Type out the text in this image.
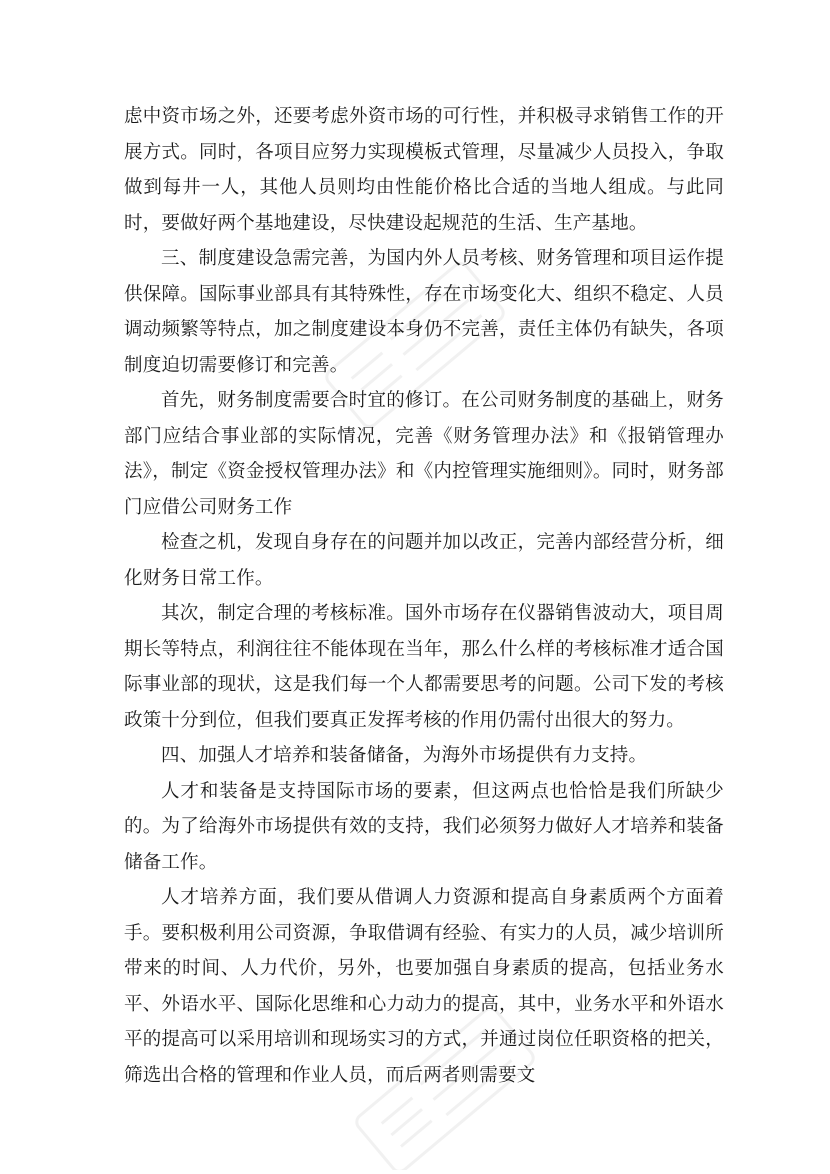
虑中资市场之外，还要考虑外资市场的可行性，并积极寻求销售工作的开展方式。同时，各项目应努力实现模板式管理，尽量减少人员投入，争取做到每井一人，其他人员则均由性能价格比合适的当地人组成。与此同时，要做好两个基地建设，尽快建设起规范的生活、生产基地。

三、制度建设急需完善，为国内外人员考核、财务管理和项目运作提供保障。国际事业部具有其特殊性，存在市场变化大、组织不稳定、人员调动频繁等特点，加之制度建设本身仍不完善，责任主体仍有缺失，各项制度迫切需要修订和完善。

首先，财务制度需要合时宜的修订。在公司财务制度的基础上，财务部门应结合事业部的实际情况，完善《财务管理办法》和《报销管理办法》，制定《资金授权管理办法》和《内控管理实施细则》。同时，财务部门应借公司财务工作

检查之机，发现自身存在的问题并加以改正，完善内部经营分析，细化财务日常工作。

其次，制定合理的考核标准。国外市场存在仪器销售波动大，项目周期长等特点，利润往往不能体现在当年，那么什么样的考核标准才适合国际事业部的现状，这是我们每一个人都需要思考的问题。公司下发的考核政策十分到位，但我们要真正发挥考核的作用仍需付出很大的努力。

四、加强人才培养和装备储备，为海外市场提供有力支持。

人才和装备是支持国际市场的要素，但这两点也恰恰是我们所缺少的。为了给海外市场提供有效的支持，我们必须努力做好人才培养和装备储备工作。

人才培养方面，我们要从借调人力资源和提高自身素质两个方面着手。要积极利用公司资源，争取借调有经验、有实力的人员，减少培训所带来的时间、人力代价，另外，也要加强自身素质的提高，包括业务水平、外语水平、国际化思维和心力动力的提高，其中，业务水平和外语水平的提高可以采用培训和现场实习的方式，并通过岗位任职资格的把关，筛选出合格的管理和作业人员，而后两者则需要文
